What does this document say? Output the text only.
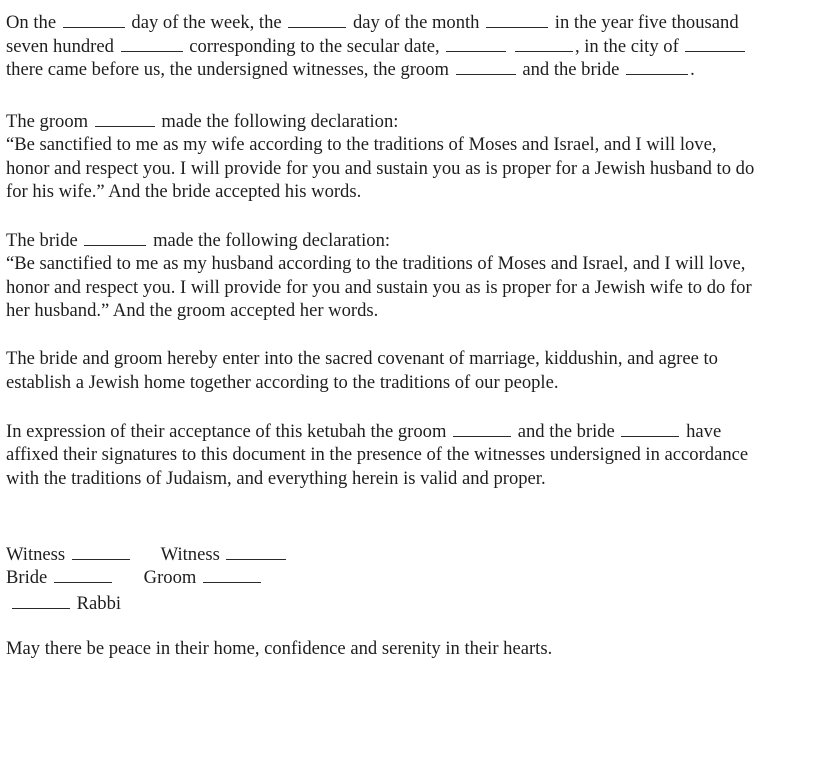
On the	day of the week, the	day of the month	in the year five thousand
seven hundred	corresponding to the secular date,	, in the city of
there came before us, the undersigned witnesses, the groom	and the bride	.
The groom	made the following declaration:
“Be sanctified to me as my wife according to the traditions of Moses and Israel, and I will love,
honor and respect you. I will provide for you and sustain you as is proper for a Jewish husband to do
for his wife.” And the bride accepted his words.
The bride	made the following declaration:
“Be sanctified to me as my husband according to the traditions of Moses and Israel, and I will love,
honor and respect you. I will provide for you and sustain you as is proper for a Jewish wife to do for
her husband.” And the groom accepted her words.
The bride and groom hereby enter into the sacred covenant of marriage, kiddushin, and agree to
establish a Jewish home together according to the traditions of our people.
In expression of their acceptance of this ketubah the groom	and the bride	have
affixed their signatures to this document in the presence of the witnesses undersigned in accordance
with the traditions of Judaism, and everything herein is valid and proper.
Witness	Witness
Bride	Groom
Rabbi
May there be peace in their home, confidence and serenity in their hearts.
